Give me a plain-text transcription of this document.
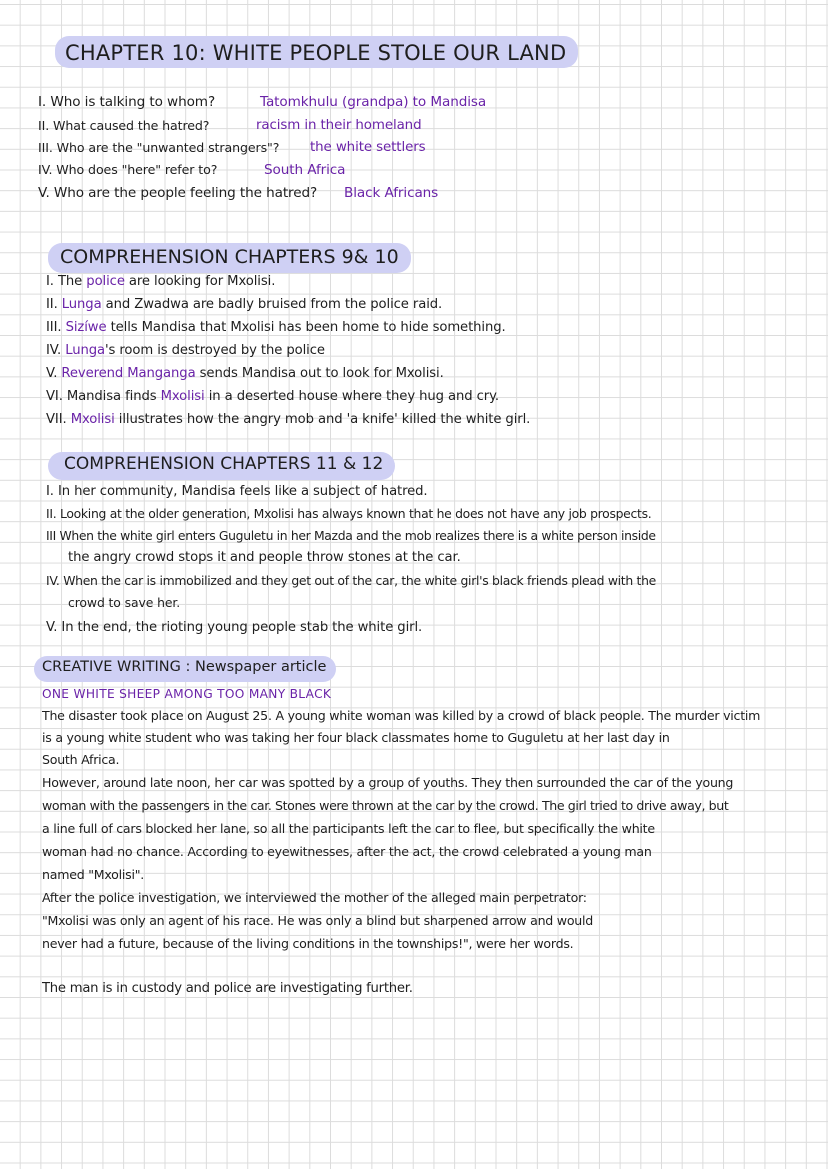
CHAPTER 10: WHITE PEOPLE STOLE OUR LAND
I. Who is talking to whom?	Tatomkhulu (grandpa) to Mandisa
II. What caused the hatred?	racism in their homeland
III. Who are the "unwanted strangers"? the white settlers
IV. Who does "here" refer to?	South Africa
V. Who are the people feeling the hatred? Black Africans
COMPREHENSION CHAPTERS 9& 10
I. The police are looking for Mxolisi.
II. Lunga and Zwadwa are badly bruised from the police raid.
III. Sizíwe tells Mandisa that Mxolisi has been home to hide something.
IV. Lunga's room is destroyed by the police
V. Reverend Manganga sends Mandisa out to look for Mxolisi.
VI. Mandisa finds Mxolisi in a deserted house where they hug and cry.
VII. Mxolisi illustrates how the angry mob and 'a knife' killed the white girl.
COMPREHENSION CHAPTERS 11 & 12
I. In her community, Mandisa feels like a subject of hatred.
II. Looking at the older generation, Mxolisi has always known that he does not have any job prospects.
III When the white girl enters Guguletu in her Mazda and the mob realizes there is a white person inside
the angry crowd stops it and people throw stones at the car.
IV. When the car is immobilized and they get out of the car, the white girl's black friends plead with the
crowd to save her.
V. In the end, the rioting young people stab the white girl.
CREATIVE WRITING : Newspaper article
ONE WHITE SHEEP AMONG TOO MANY BLACK
The disaster took place on August 25. A young white woman was killed by a crowd of black people. The murder victim
is a young white student who was taking her four black classmates home to Guguletu at her last day in
South Africa.
However, around late noon, her car was spotted by a group of youths. They then surrounded the car of the young
woman with the passengers in the car. Stones were thrown at the car by the crowd. The girl tried to drive away, but
a line full of cars blocked her lane, so all the participants left the car to flee, but specifically the white
woman had no chance. According to eyewitnesses, after the act, the crowd celebrated a young man
named "Mxolisi".
After the police investigation, we interviewed the mother of the alleged main perpetrator:
"Mxolisi was only an agent of his race. He was only a blind but sharpened arrow and would
never had a future, because of the living conditions in the townships!", were her words.
The man is in custody and police are investigating further.
